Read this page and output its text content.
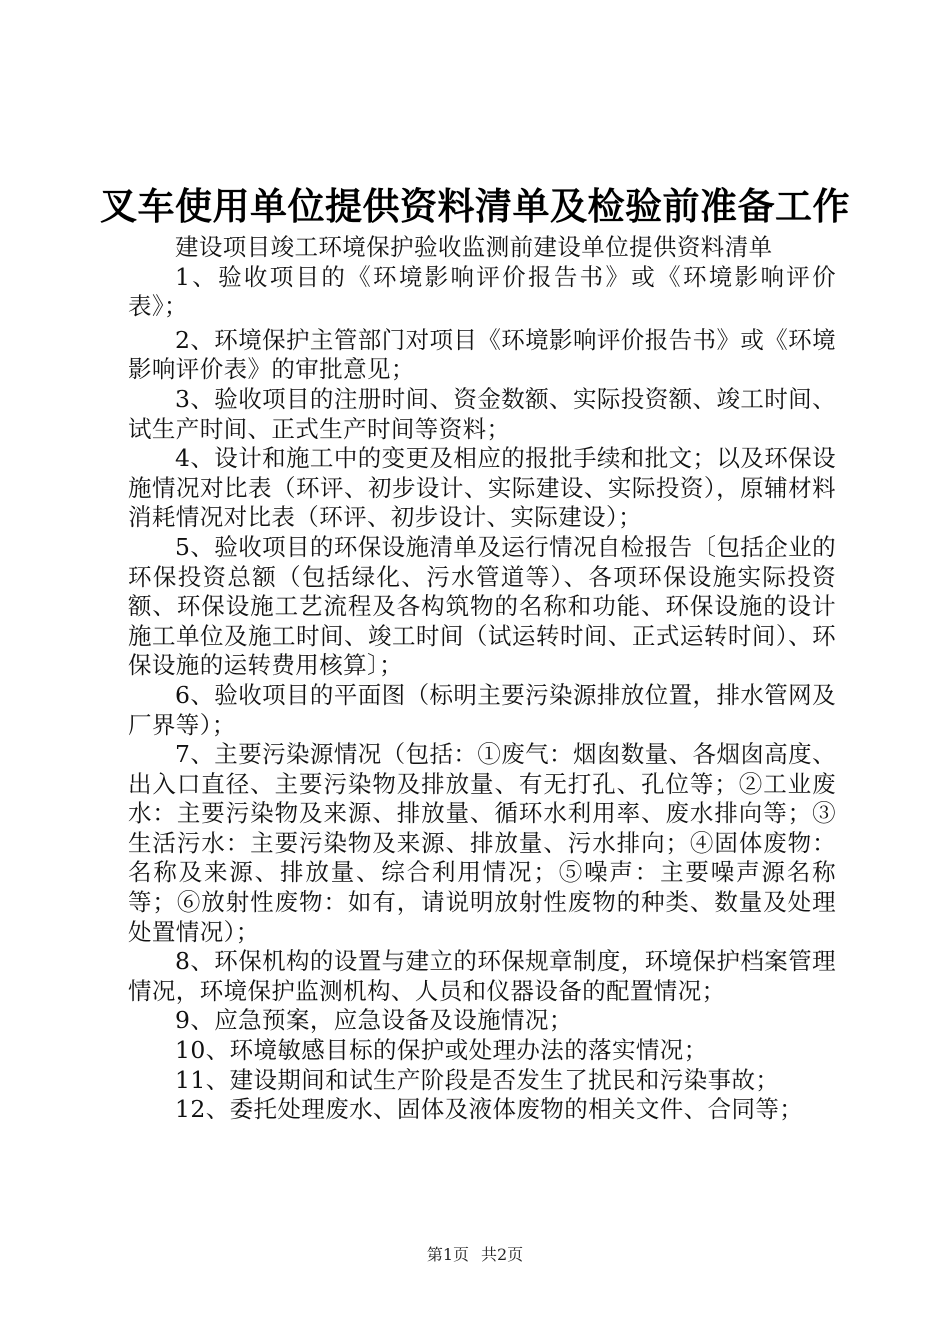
叉车使用单位提供资料清单及检验前准备工作

建设项目竣工环境保护验收监测前建设单位提供资料清单

1、验收项目的《环境影响评价报告书》或《环境影响评价表》；

2、环境保护主管部门对项目《环境影响评价报告书》或《环境影响评价表》的审批意见；

3、验收项目的注册时间、资金数额、实际投资额、竣工时间、试生产时间、正式生产时间等资料；

4、设计和施工中的变更及相应的报批手续和批文；以及环保设施情况对比表（环评、初步设计、实际建设、实际投资），原辅材料消耗情况对比表（环评、初步设计、实际建设）；

5、验收项目的环保设施清单及运行情况自检报告〔包括企业的环保投资总额（包括绿化、污水管道等）、各项环保设施实际投资额、环保设施工艺流程及各构筑物的名称和功能、环保设施的设计施工单位及施工时间、竣工时间（试运转时间、正式运转时间）、环保设施的运转费用核算〕；

6、验收项目的平面图（标明主要污染源排放位置，排水管网及厂界等）；

7、主要污染源情况（包括：①废气：烟囱数量、各烟囱高度、出入口直径、主要污染物及排放量、有无打孔、孔位等；②工业废水：主要污染物及来源、排放量、循环水利用率、废水排向等；③生活污水：主要污染物及来源、排放量、污水排向；④固体废物：名称及来源、排放量、综合利用情况；⑤噪声：主要噪声源名称等；⑥放射性废物：如有，请说明放射性废物的种类、数量及处理处置情况）；

8、环保机构的设置与建立的环保规章制度，环境保护档案管理情况，环境保护监测机构、人员和仪器设备的配置情况；

9、应急预案，应急设备及设施情况；

10、环境敏感目标的保护或处理办法的落实情况；

11、建设期间和试生产阶段是否发生了扰民和污染事故；

12、委托处理废水、固体及液体废物的相关文件、合同等；

第1页 共2页
